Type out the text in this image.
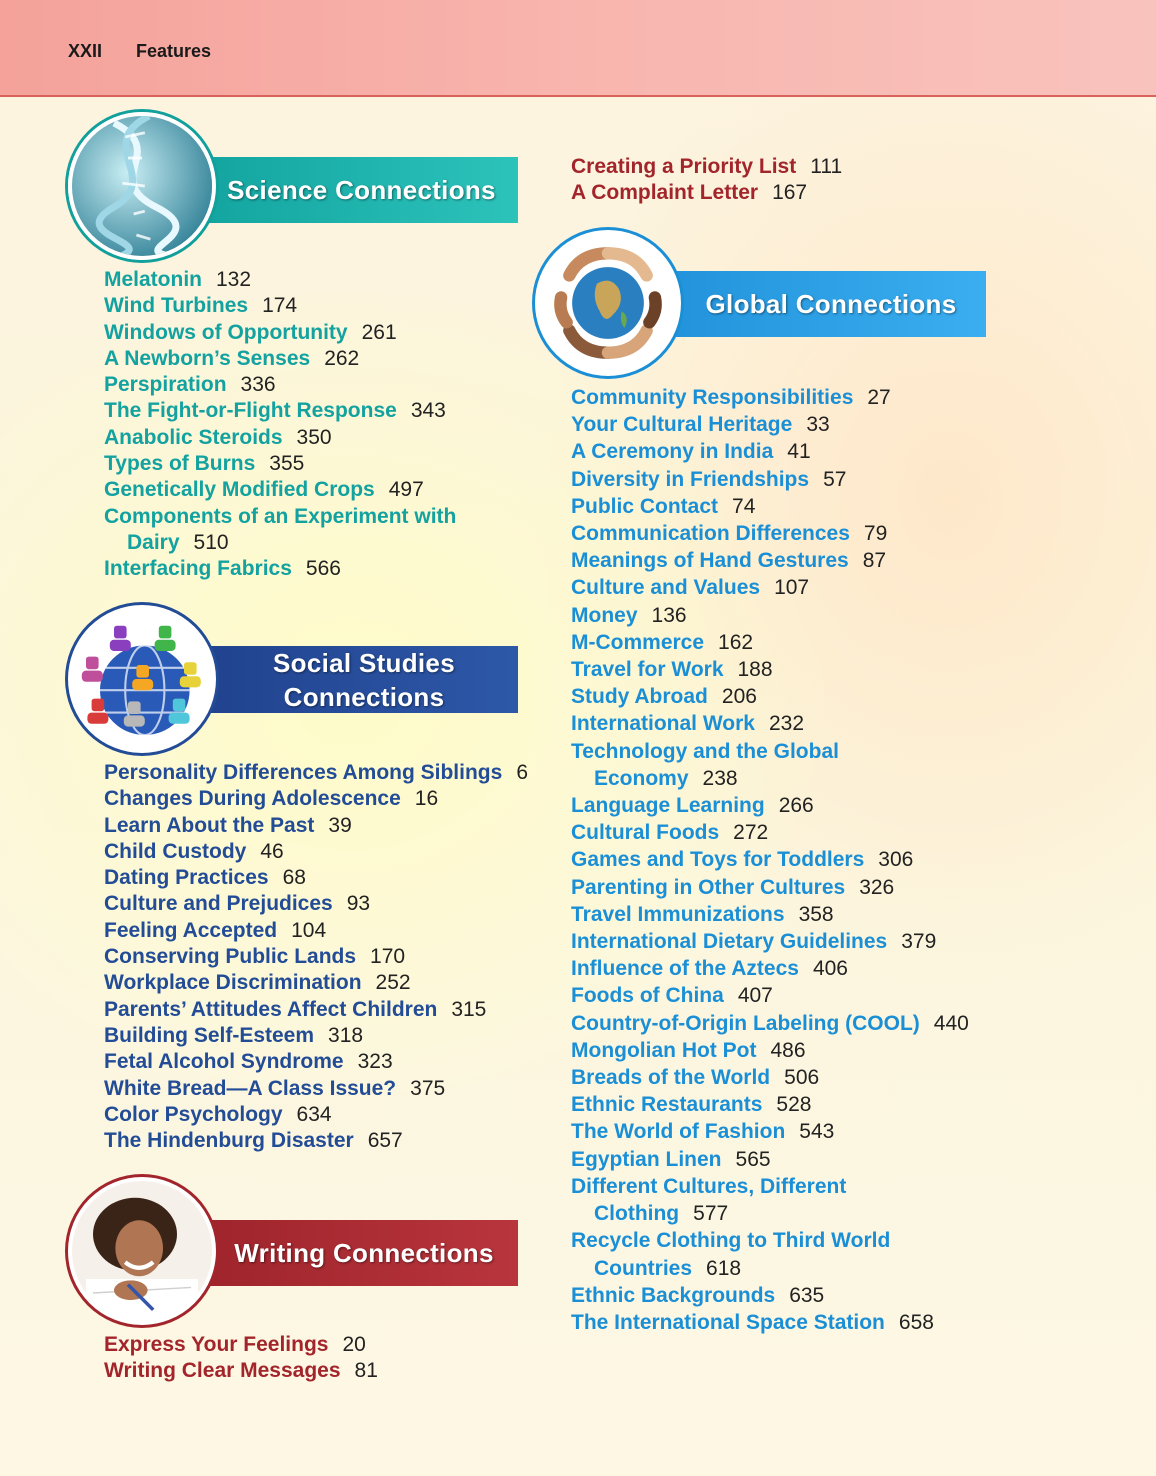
XXII Features
Science Connections
Melatonin 132
Wind Turbines 174
Windows of Opportunity 261
A Newborn’s Senses 262
Perspiration 336
The Fight-or-Flight Response 343
Anabolic Steroids 350
Types of Burns 355
Genetically Modified Crops 497
Components of an Experiment with
Dairy 510
Interfacing Fabrics 566
Social Studies
Connections
Personality Differences Among Siblings 6
Changes During Adolescence 16
Learn About the Past 39
Child Custody 46
Dating Practices 68
Culture and Prejudices 93
Feeling Accepted 104
Conserving Public Lands 170
Workplace Discrimination 252
Parents’ Attitudes Affect Children 315
Building Self-Esteem 318
Fetal Alcohol Syndrome 323
White Bread—A Class Issue? 375
Color Psychology 634
The Hindenburg Disaster 657
Writing Connections
Express Your Feelings 20
Writing Clear Messages 81
Creating a Priority List 111
A Complaint Letter 167
Global Connections
Community Responsibilities 27
Your Cultural Heritage 33
A Ceremony in India 41
Diversity in Friendships 57
Public Contact 74
Communication Differences 79
Meanings of Hand Gestures 87
Culture and Values 107
Money 136
M-Commerce 162
Travel for Work 188
Study Abroad 206
International Work 232
Technology and the Global
Economy 238
Language Learning 266
Cultural Foods 272
Games and Toys for Toddlers 306
Parenting in Other Cultures 326
Travel Immunizations 358
International Dietary Guidelines 379
Influence of the Aztecs 406
Foods of China 407
Country-of-Origin Labeling (COOL) 440
Mongolian Hot Pot 486
Breads of the World 506
Ethnic Restaurants 528
The World of Fashion 543
Egyptian Linen 565
Different Cultures, Different
Clothing 577
Recycle Clothing to Third World
Countries 618
Ethnic Backgrounds 635
The International Space Station 658
